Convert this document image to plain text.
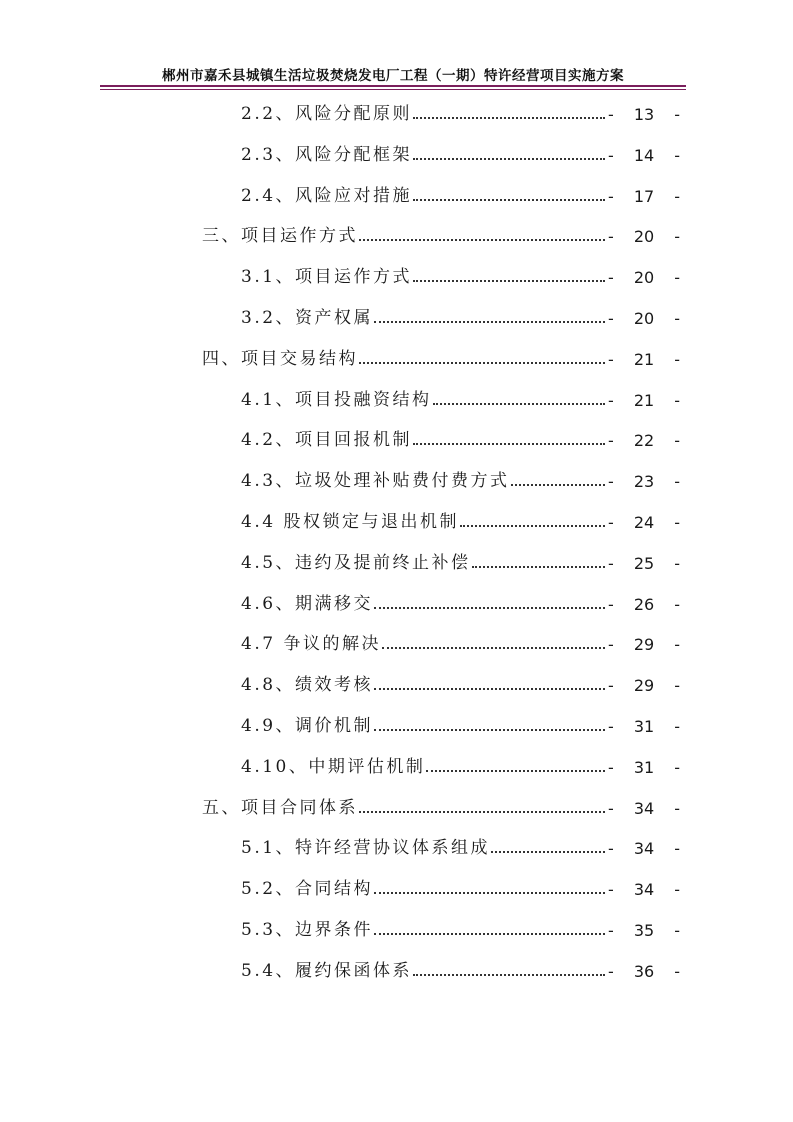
郴州市嘉禾县城镇生活垃圾焚烧发电厂工程（一期）特许经营项目实施方案
2.2、风险分配原则	-	13	-
2.3、风险分配框架	-	14	-
2.4、风险应对措施	-	17	-
三、项目运作方式	-	20	-
3.1、项目运作方式	-	20	-
3.2、资产权属	-	20	-
四、项目交易结构	-	21	-
4.1、项目投融资结构	-	21	-
4.2、项目回报机制	-	22	-
4.3、垃圾处理补贴费付费方式	-	23	-
4.4 股权锁定与退出机制	-	24	-
4.5、违约及提前终止补偿	-	25	-
4.6、期满移交	-	26	-
4.7 争议的解决	-	29	-
4.8、绩效考核	-	29	-
4.9、调价机制	-	31	-
4.10、中期评估机制	-	31	-
五、项目合同体系	-	34	-
5.1、特许经营协议体系组成	-	34	-
5.2、合同结构	-	34	-
5.3、边界条件	-	35	-
5.4、履约保函体系	-	36	-
